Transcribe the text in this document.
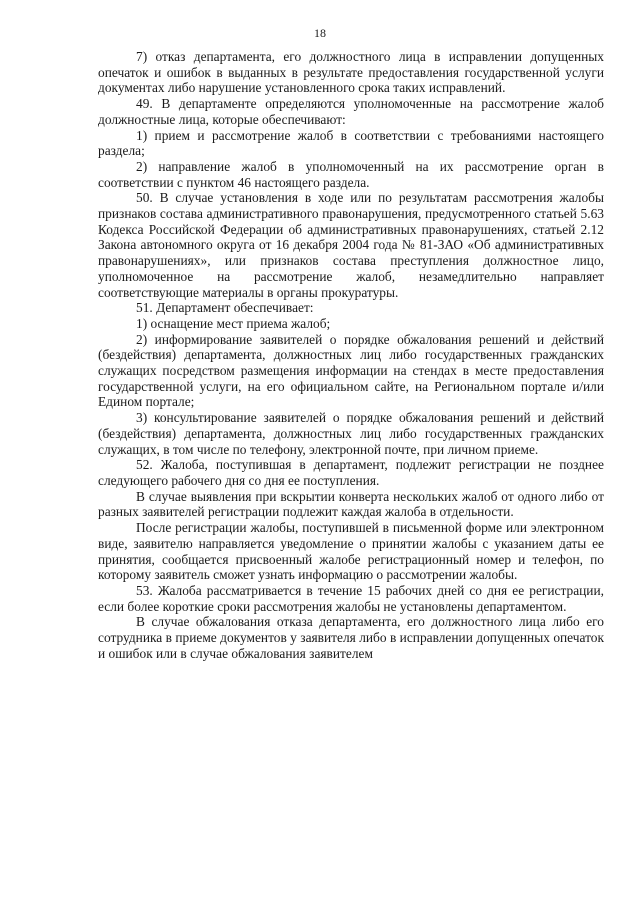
18

7) отказ департамента, его должностного лица в исправлении допущенных опечаток и ошибок в выданных в результате предоставления государственной услуги документах либо нарушение установленного срока таких исправлений.

49. В департаменте определяются уполномоченные на рассмотрение жалоб должностные лица, которые обеспечивают:

1) прием и рассмотрение жалоб в соответствии с требованиями настоящего раздела;

2) направление жалоб в уполномоченный на их рассмотрение орган в соответствии с пунктом 46 настоящего раздела.

50. В случае установления в ходе или по результатам рассмотрения жалобы признаков состава административного правонарушения, предусмотренного статьей 5.63 Кодекса Российской Федерации об административных правонарушениях, статьей 2.12 Закона автономного округа от 16 декабря 2004 года № 81-ЗАО «Об административных правонарушениях», или признаков состава преступления должностное лицо, уполномоченное на рассмотрение жалоб, незамедлительно направляет соответствующие материалы в органы прокуратуры.

51. Департамент обеспечивает:

1) оснащение мест приема жалоб;

2) информирование заявителей о порядке обжалования решений и действий (бездействия) департамента, должностных лиц либо государственных гражданских служащих посредством размещения информации на стендах в месте предоставления государственной услуги, на его официальном сайте, на Региональном портале и/или Едином портале;

3) консультирование заявителей о порядке обжалования решений и действий (бездействия) департамента, должностных лиц либо государственных гражданских служащих, в том числе по телефону, электронной почте, при личном приеме.

52. Жалоба, поступившая в департамент, подлежит регистрации не позднее следующего рабочего дня со дня ее поступления.

В случае выявления при вскрытии конверта нескольких жалоб от одного либо от разных заявителей регистрации подлежит каждая жалоба в отдельности.

После регистрации жалобы, поступившей в письменной форме или электронном виде, заявителю направляется уведомление о принятии жалобы с указанием даты ее принятия, сообщается присвоенный жалобе регистрационный номер и телефон, по которому заявитель сможет узнать информацию о рассмотрении жалобы.

53. Жалоба рассматривается в течение 15 рабочих дней со дня ее регистрации, если более короткие сроки рассмотрения жалобы не установлены департаментом.

В случае обжалования отказа департамента, его должностного лица либо его сотрудника в приеме документов у заявителя либо в исправлении допущенных опечаток и ошибок или в случае обжалования заявителем
